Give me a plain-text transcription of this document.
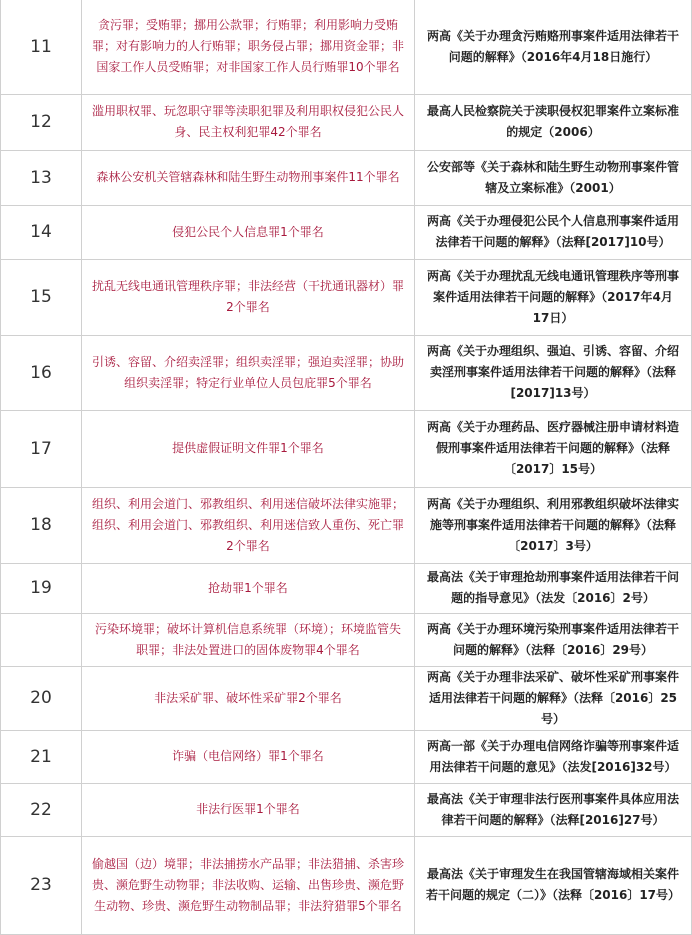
11	贪污罪；受贿罪；挪用公款罪；行贿罪；利用影响力受贿罪；对有影响力的人行贿罪；职务侵占罪；挪用资金罪；非国家工作人员受贿罪；对非国家工作人员行贿罪10个罪名	两高《关于办理贪污贿赂刑事案件适用法律若干问题的解释》（2016年4月18日施行）
12	滥用职权罪、玩忽职守罪等渎职犯罪及利用职权侵犯公民人身、民主权利犯罪42个罪名	最高人民检察院关于渎职侵权犯罪案件立案标准的规定（2006）
13	森林公安机关管辖森林和陆生野生动物刑事案件11个罪名	公安部等《关于森林和陆生野生动物刑事案件管辖及立案标准》（2001）
14	侵犯公民个人信息罪1个罪名	两高《关于办理侵犯公民个人信息刑事案件适用法律若干问题的解释》（法释[2017]10号）
15	扰乱无线电通讯管理秩序罪；非法经营（干扰通讯器材）罪2个罪名	两高《关于办理扰乱无线电通讯管理秩序等刑事案件适用法律若干问题的解释》（2017年4月17日）
16	引诱、容留、介绍卖淫罪；组织卖淫罪；强迫卖淫罪；协助组织卖淫罪；特定行业单位人员包庇罪5个罪名	两高《关于办理组织、强迫、引诱、容留、介绍卖淫刑事案件适用法律若干问题的解释》（法释[2017]13号）
17	提供虚假证明文件罪1个罪名	两高《关于办理药品、医疗器械注册申请材料造假刑事案件适用法律若干问题的解释》（法释〔2017〕15号）
18	组织、利用会道门、邪教组织、利用迷信破坏法律实施罪；组织、利用会道门、邪教组织、利用迷信致人重伤、死亡罪2个罪名	两高《关于办理组织、利用邪教组织破坏法律实施等刑事案件适用法律若干问题的解释》（法释〔2017〕3号）
19	抢劫罪1个罪名	最高法《关于审理抢劫刑事案件适用法律若干问题的指导意见》（法发〔2016〕2号）
	污染环境罪；破坏计算机信息系统罪（环境）；环境监管失职罪；非法处置进口的固体废物罪4个罪名	两高《关于办理环境污染刑事案件适用法律若干问题的解释》（法释〔2016〕29号）
20	非法采矿罪、破坏性采矿罪2个罪名	两高《关于办理非法采矿、破坏性采矿刑事案件适用法律若干问题的解释》（法释〔2016〕25号）
21	诈骗（电信网络）罪1个罪名	两高一部《关于办理电信网络诈骗等刑事案件适用法律若干问题的意见》（法发[2016]32号）
22	非法行医罪1个罪名	最高法《关于审理非法行医刑事案件具体应用法律若干问题的解释》（法释[2016]27号）
23	偷越国（边）境罪；非法捕捞水产品罪；非法猎捕、杀害珍贵、濒危野生动物罪；非法收购、运输、出售珍贵、濒危野生动物、珍贵、濒危野生动物制品罪；非法狩猎罪5个罪名	最高法《关于审理发生在我国管辖海域相关案件若干问题的规定（二）》（法释〔2016〕17号）
